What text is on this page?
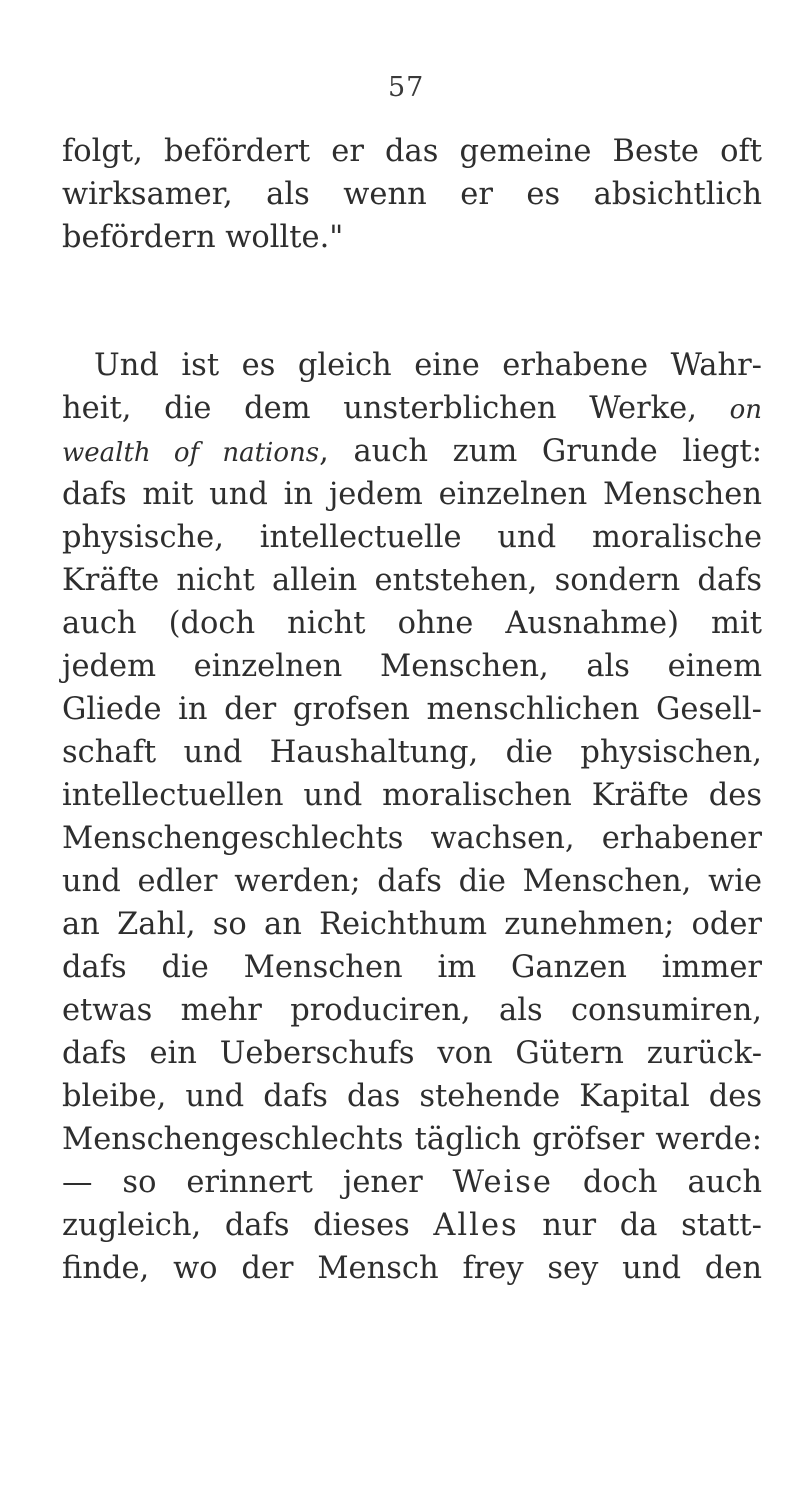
57
folgt, befördert er das gemeine Beste oft
wirksamer, als wenn er es absichtlich
befördern wollte."
Und ist es gleich eine erhabene Wahr-
heit, die dem unsterblichen Werke, on
wealth of nations, auch zum Grunde liegt:
dafs mit und in jedem einzelnen Menschen
physische, intellectuelle und moralische
Kräfte nicht allein entstehen, sondern dafs
auch (doch nicht ohne Ausnahme) mit
jedem einzelnen Menschen, als einem
Gliede in der grofsen menschlichen Gesell-
schaft und Haushaltung, die physischen,
intellectuellen und moralischen Kräfte des
Menschengeschlechts wachsen, erhabener
und edler werden; dafs die Menschen, wie
an Zahl, so an Reichthum zunehmen; oder
dafs die Menschen im Ganzen immer
etwas mehr produciren, als consumiren,
dafs ein Ueberschufs von Gütern zurück-
bleibe, und dafs das stehende Kapital des
Menschengeschlechts täglich gröfser werde:
— so erinnert jener Weise doch auch
zugleich, dafs dieses Alles nur da statt-
finde, wo der Mensch frey sey und den
